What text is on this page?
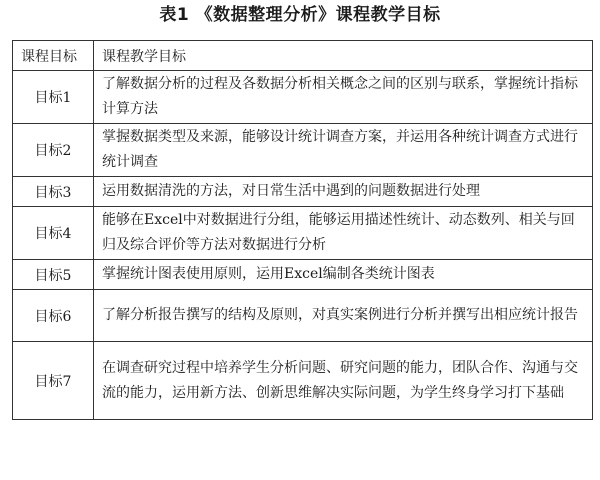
表1 《数据整理分析》课程教学目标
课程目标	课程教学目标
目标1	了解数据分析的过程及各数据分析相关概念之间的区别与联系，掌握统计指标计算方法
目标2	掌握数据类型及来源，能够设计统计调查方案，并运用各种统计调查方式进行统计调查
目标3	运用数据清洗的方法，对日常生活中遇到的问题数据进行处理
目标4	能够在Excel中对数据进行分组，能够运用描述性统计、动态数列、相关与回归及综合评价等方法对数据进行分析
目标5	掌握统计图表使用原则，运用Excel编制各类统计图表
目标6	了解分析报告撰写的结构及原则，对真实案例进行分析并撰写出相应统计报告
目标7	在调查研究过程中培养学生分析问题、研究问题的能力，团队合作、沟通与交流的能力，运用新方法、创新思维解决实际问题，为学生终身学习打下基础
